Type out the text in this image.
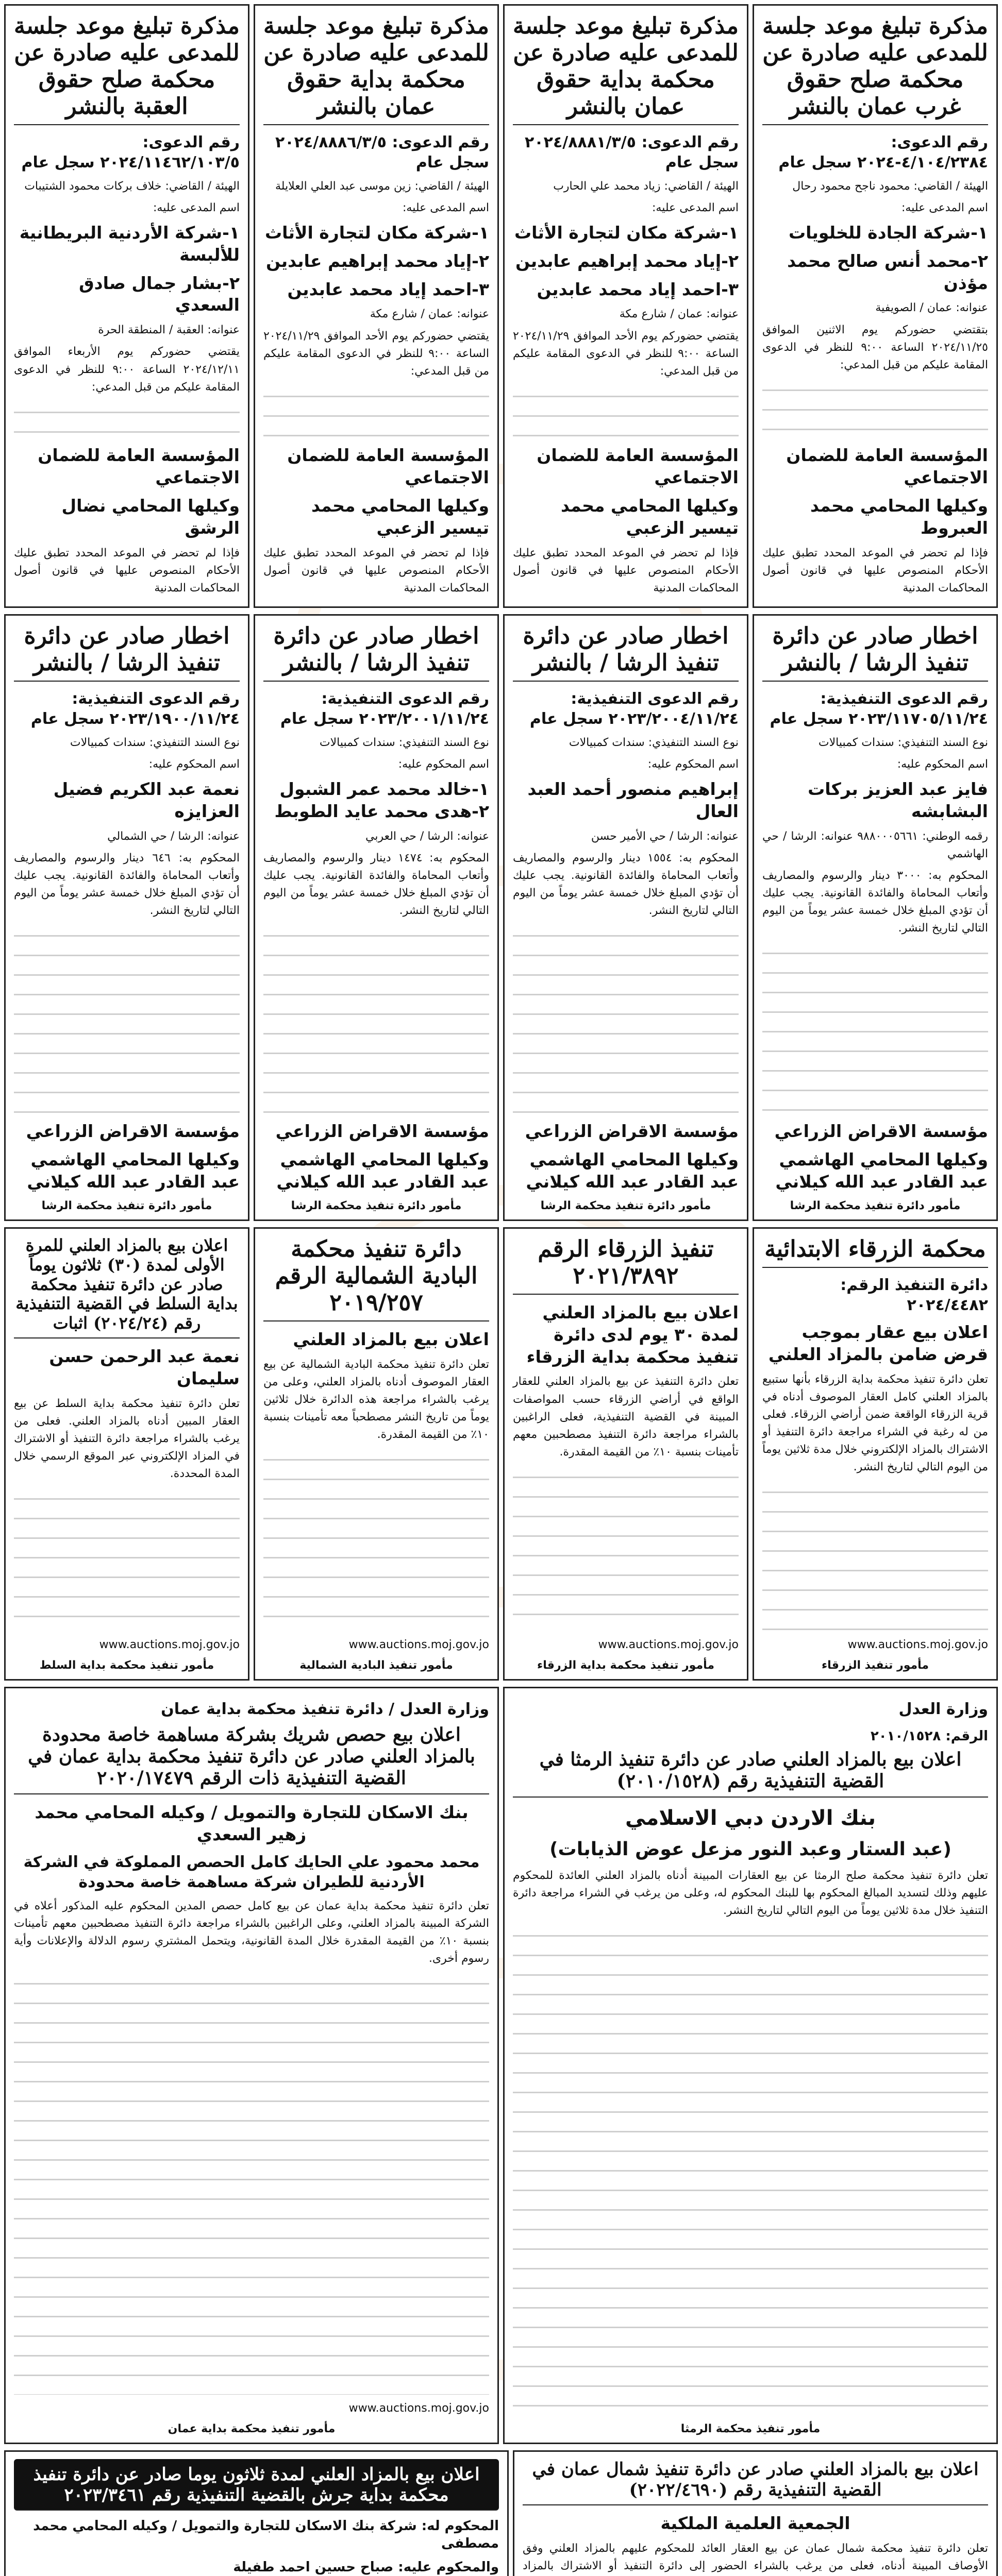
مذكرة تبليغ موعد جلسة للمدعى عليه صادرة عن محكمة صلح حقوق غرب عمان بالنشر
رقم الدعوى: ٤/١٠٤/٢٣٨٤-٢٠٢٤ سجل عام
الهيئة / القاضي: محمود ناجح محمود رحال
اسم المدعى عليه:
١-شركة الجادة للخلويات
٢-محمد أنس صالح محمد مؤذن
عنوانه: عمان / الصويفية
بتقتضي حضوركم يوم الاثنين الموافق ٢٠٢٤/١١/٢٥ الساعة ٩:٠٠ للنظر في الدعوى المقامة عليكم من قبل المدعي:
المؤسسة العامة للضمان الاجتماعي
وكيلها المحامي محمد العبروط
فإذا لم تحضر في الموعد المحدد تطبق عليك الأحكام المنصوص عليها في قانون أصول المحاكمات المدنية
مذكرة تبليغ موعد جلسة للمدعى عليه صادرة عن محكمة بداية حقوق عمان بالنشر
رقم الدعوى: ٢٠٢٤/٨٨٨١/٣/٥ سجل عام
الهيئة / القاضي: زياد محمد علي الحارب
اسم المدعى عليه:
١-شركة مكان لتجارة الأثاث
٢-إياد محمد إبراهيم عابدين
٣-احمد إياد محمد عابدين
عنوانه: عمان / شارع مكة
يقتضي حضوركم يوم الأحد الموافق ٢٠٢٤/١١/٢٩ الساعة ٩:٠٠ للنظر في الدعوى المقامة عليكم من قبل المدعي:
المؤسسة العامة للضمان الاجتماعي
وكيلها المحامي محمد تيسير الزعبي
فإذا لم تحضر في الموعد المحدد تطبق عليك الأحكام المنصوص عليها في قانون أصول المحاكمات المدنية
مذكرة تبليغ موعد جلسة للمدعى عليه صادرة عن محكمة بداية حقوق عمان بالنشر
رقم الدعوى: ٢٠٢٤/٨٨٨٦/٣/٥ سجل عام
الهيئة / القاضي: زين موسى عبد العلي العلايلة
اسم المدعى عليه:
١-شركة مكان لتجارة الأثاث
٢-إياد محمد إبراهيم عابدين
٣-احمد إياد محمد عابدين
عنوانه: عمان / شارع مكة
يقتضي حضوركم يوم الأحد الموافق ٢٠٢٤/١١/٢٩ الساعة ٩:٠٠ للنظر في الدعوى المقامة عليكم من قبل المدعي:
المؤسسة العامة للضمان الاجتماعي
وكيلها المحامي محمد تيسير الزعبي
فإذا لم تحضر في الموعد المحدد تطبق عليك الأحكام المنصوص عليها في قانون أصول المحاكمات المدنية
مذكرة تبليغ موعد جلسة للمدعى عليه صادرة عن محكمة صلح حقوق العقبة بالنشر
رقم الدعوى: ٢٠٢٤/١١٤٦٢/١٠٣/٥ سجل عام
الهيئة / القاضي: خلاف بركات محمود الشتيبات
اسم المدعى عليه:
١-شركة الأردنية البريطانية للألبسة
٢-بشار جمال صادق السعدي
عنوانه: العقبة / المنطقة الحرة
يقتضي حضوركم يوم الأربعاء الموافق ٢٠٢٤/١٢/١١ الساعة ٩:٠٠ للنظر في الدعوى المقامة عليكم من قبل المدعي:
المؤسسة العامة للضمان الاجتماعي
وكيلها المحامي نضال الرشق
فإذا لم تحضر في الموعد المحدد تطبق عليك الأحكام المنصوص عليها في قانون أصول المحاكمات المدنية
اخطار صادر عن دائرة تنفيذ الرشا / بالنشر
رقم الدعوى التنفيذية: ٢٠٢٣/١١٧٠٥/١١/٢٤ سجل عام
نوع السند التنفيذي: سندات كمبيالات
اسم المحكوم عليه:
فايز عبد العزيز بركات البشابشه
رقمه الوطني: ٩٨٨٠٠٠٥٦٦١ عنوانه: الرشا / حي الهاشمي
المحكوم به: ٣٠٠٠ دينار والرسوم والمصاريف وأتعاب المحاماة والفائدة القانونية. يجب عليك أن تؤدي المبلغ خلال خمسة عشر يوماً من اليوم التالي لتاريخ النشر.
مؤسسة الاقراض الزراعي
وكيلها المحامي الهاشمي عبد القادر عبد الله كيلاني
مأمور دائرة تنفيذ محكمة الرشا
اخطار صادر عن دائرة تنفيذ الرشا / بالنشر
رقم الدعوى التنفيذية: ٢٠٢٣/٢٠٠٤/١١/٢٤ سجل عام
نوع السند التنفيذي: سندات كمبيالات
اسم المحكوم عليه:
إبراهيم منصور أحمد العبد العال
عنوانه: الرشا / حي الأمير حسن
المحكوم به: ١٥٥٤ دينار والرسوم والمصاريف وأتعاب المحاماة والفائدة القانونية. يجب عليك أن تؤدي المبلغ خلال خمسة عشر يوماً من اليوم التالي لتاريخ النشر.
مؤسسة الاقراض الزراعي
وكيلها المحامي الهاشمي عبد القادر عبد الله كيلاني
مأمور دائرة تنفيذ محكمة الرشا
اخطار صادر عن دائرة تنفيذ الرشا / بالنشر
رقم الدعوى التنفيذية: ٢٠٢٣/٢٠٠١/١١/٢٤ سجل عام
نوع السند التنفيذي: سندات كمبيالات
اسم المحكوم عليه:
١-خالد محمد عمر الشبول ٢-هدى محمد عايد الطوبط
عنوانه: الرشا / حي العربي
المحكوم به: ١٤٧٤ دينار والرسوم والمصاريف وأتعاب المحاماة والفائدة القانونية. يجب عليك أن تؤدي المبلغ خلال خمسة عشر يوماً من اليوم التالي لتاريخ النشر.
مؤسسة الاقراض الزراعي
وكيلها المحامي الهاشمي عبد القادر عبد الله كيلاني
مأمور دائرة تنفيذ محكمة الرشا
اخطار صادر عن دائرة تنفيذ الرشا / بالنشر
رقم الدعوى التنفيذية: ٢٠٢٣/١٩٠٠/١١/٢٤ سجل عام
نوع السند التنفيذي: سندات كمبيالات
اسم المحكوم عليه:
نعمة عبد الكريم فضيل العزايزه
عنوانه: الرشا / حي الشمالي
المحكوم به: ٦٤٦ دينار والرسوم والمصاريف وأتعاب المحاماة والفائدة القانونية. يجب عليك أن تؤدي المبلغ خلال خمسة عشر يوماً من اليوم التالي لتاريخ النشر.
مؤسسة الاقراض الزراعي
وكيلها المحامي الهاشمي عبد القادر عبد الله كيلاني
مأمور دائرة تنفيذ محكمة الرشا
محكمة الزرقاء الابتدائية
دائرة التنفيذ الرقم: ٢٠٢٤/٤٤٨٢
اعلان بيع عقار بموجب قرض ضامن بالمزاد العلني
تعلن دائرة تنفيذ محكمة بداية الزرقاء بأنها ستبيع بالمزاد العلني كامل العقار الموصوف أدناه في قرية الزرقاء الواقعة ضمن أراضي الزرقاء. فعلى من له رغبة في الشراء مراجعة دائرة التنفيذ أو الاشتراك بالمزاد الإلكتروني خلال مدة ثلاثين يوماً من اليوم التالي لتاريخ النشر.
www.auctions.moj.gov.jo
مأمور تنفيذ الزرقاء
تنفيذ الزرقاء الرقم ٢٠٢١/٣٨٩٢
اعلان بيع بالمزاد العلني لمدة ٣٠ يوم لدى دائرة تنفيذ محكمة بداية الزرقاء
تعلن دائرة التنفيذ عن بيع بالمزاد العلني للعقار الواقع في أراضي الزرقاء حسب المواصفات المبينة في القضية التنفيذية، فعلى الراغبين بالشراء مراجعة دائرة التنفيذ مصطحبين معهم تأمينات بنسبة ١٠٪ من القيمة المقدرة.
www.auctions.moj.gov.jo
مأمور تنفيذ محكمة بداية الزرقاء
دائرة تنفيذ محكمة البادية الشمالية الرقم ٢٠١٩/٢٥٧
اعلان بيع بالمزاد العلني
تعلن دائرة تنفيذ محكمة البادية الشمالية عن بيع العقار الموصوف أدناه بالمزاد العلني، وعلى من يرغب بالشراء مراجعة هذه الدائرة خلال ثلاثين يوماً من تاريخ النشر مصطحباً معه تأمينات بنسبة ١٠٪ من القيمة المقدرة.
www.auctions.moj.gov.jo
مأمور تنفيذ البادية الشمالية
اعلان بيع بالمزاد العلني للمرة الأولى لمدة (٣٠) ثلاثون يوماً صادر عن دائرة تنفيذ محكمة بداية السلط في القضية التنفيذية رقم (٢٠٢٤/٢٤) اثبات
نعمة عبد الرحمن حسن سليمان
تعلن دائرة تنفيذ محكمة بداية السلط عن بيع العقار المبين أدناه بالمزاد العلني. فعلى من يرغب بالشراء مراجعة دائرة التنفيذ أو الاشتراك في المزاد الإلكتروني عبر الموقع الرسمي خلال المدة المحددة.
www.auctions.moj.gov.jo
مأمور تنفيذ محكمة بداية السلط
وزارة العدل
الرقم: ٢٠١٠/١٥٢٨
اعلان بيع بالمزاد العلني صادر عن دائرة تنفيذ الرمثا في القضية التنفيذية رقم (٢٠١٠/١٥٢٨)
بنك الاردن دبي الاسلامي
(عبد الستار وعبد النور مزعل عوض الذيابات)
تعلن دائرة تنفيذ محكمة صلح الرمثا عن بيع العقارات المبينة أدناه بالمزاد العلني العائدة للمحكوم عليهم وذلك لتسديد المبالغ المحكوم بها للبنك المحكوم له، وعلى من يرغب في الشراء مراجعة دائرة التنفيذ خلال مدة ثلاثين يوماً من اليوم التالي لتاريخ النشر.
مأمور تنفيذ محكمة الرمثا
وزارة العدل / دائرة تنفيذ محكمة بداية عمان
اعلان بيع حصص شريك بشركة مساهمة خاصة محدودة بالمزاد العلني صادر عن دائرة تنفيذ محكمة بداية عمان في القضية التنفيذية ذات الرقم ٢٠٢٠/١٧٤٧٩
بنك الاسكان للتجارة والتمويل / وكيله المحامي محمد زهير السعدي
محمد محمود علي الحايك كامل الحصص المملوكة في الشركة الأردنية للطيران شركة مساهمة خاصة محدودة
تعلن دائرة تنفيذ محكمة بداية عمان عن بيع كامل حصص المدين المحكوم عليه المذكور أعلاه في الشركة المبينة بالمزاد العلني، وعلى الراغبين بالشراء مراجعة دائرة التنفيذ مصطحبين معهم تأمينات بنسبة ١٠٪ من القيمة المقدرة خلال المدة القانونية، ويتحمل المشتري رسوم الدلالة والإعلانات وأية رسوم أخرى.
www.auctions.moj.gov.jo
مأمور تنفيذ محكمة بداية عمان
اعلان بيع بالمزاد العلني صادر عن دائرة تنفيذ شمال عمان في القضية التنفيذية رقم (٢٠٢٢/٤٦٩٠)
الجمعية العلمية الملكية
تعلن دائرة تنفيذ محكمة شمال عمان عن بيع العقار العائد للمحكوم عليهم بالمزاد العلني وفق الأوصاف المبينة أدناه، فعلى من يرغب بالشراء الحضور إلى دائرة التنفيذ أو الاشتراك بالمزاد
اعلان بيع بالمزاد العلني لمدة ثلاثون يوما صادر عن دائرة تنفيذ محكمة بداية جرش بالقضية التنفيذية رقم ٢٠٢٣/٣٤٦١
المحكوم له: شركة بنك الاسكان للتجارة والتمويل / وكيله المحامي محمد مصطفى
والمحكوم عليه: صباح حسين احمد طفيلة
